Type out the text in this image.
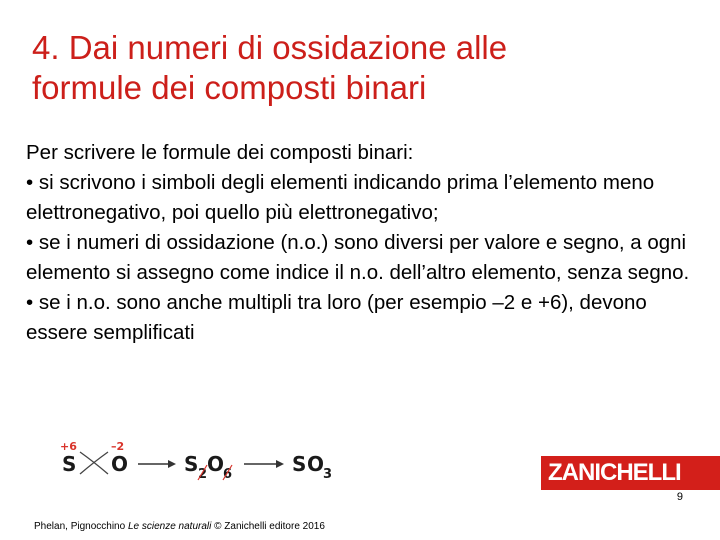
4. Dai numeri di ossidazione alle
formule dei composti binari

Per scrivere le formule dei composti binari:

• si scrivono i simboli degli elementi indicando prima l’elemento meno elettronegativo, poi quello più elettronegativo;

• se i numeri di ossidazione (n.o.) sono diversi per valore e segno, a ogni elemento si assegno come indice il n.o. dell’altro elemento, senza segno.

• se i n.o. sono anche multipli tra loro (per esempio –2 e +6), devono essere semplificati

+6	–2
S O	S 2 O
6	S O
3	ZANICHELLI
9
Phelan, Pignocchino Le scienze naturali © Zanichelli editore 2016
